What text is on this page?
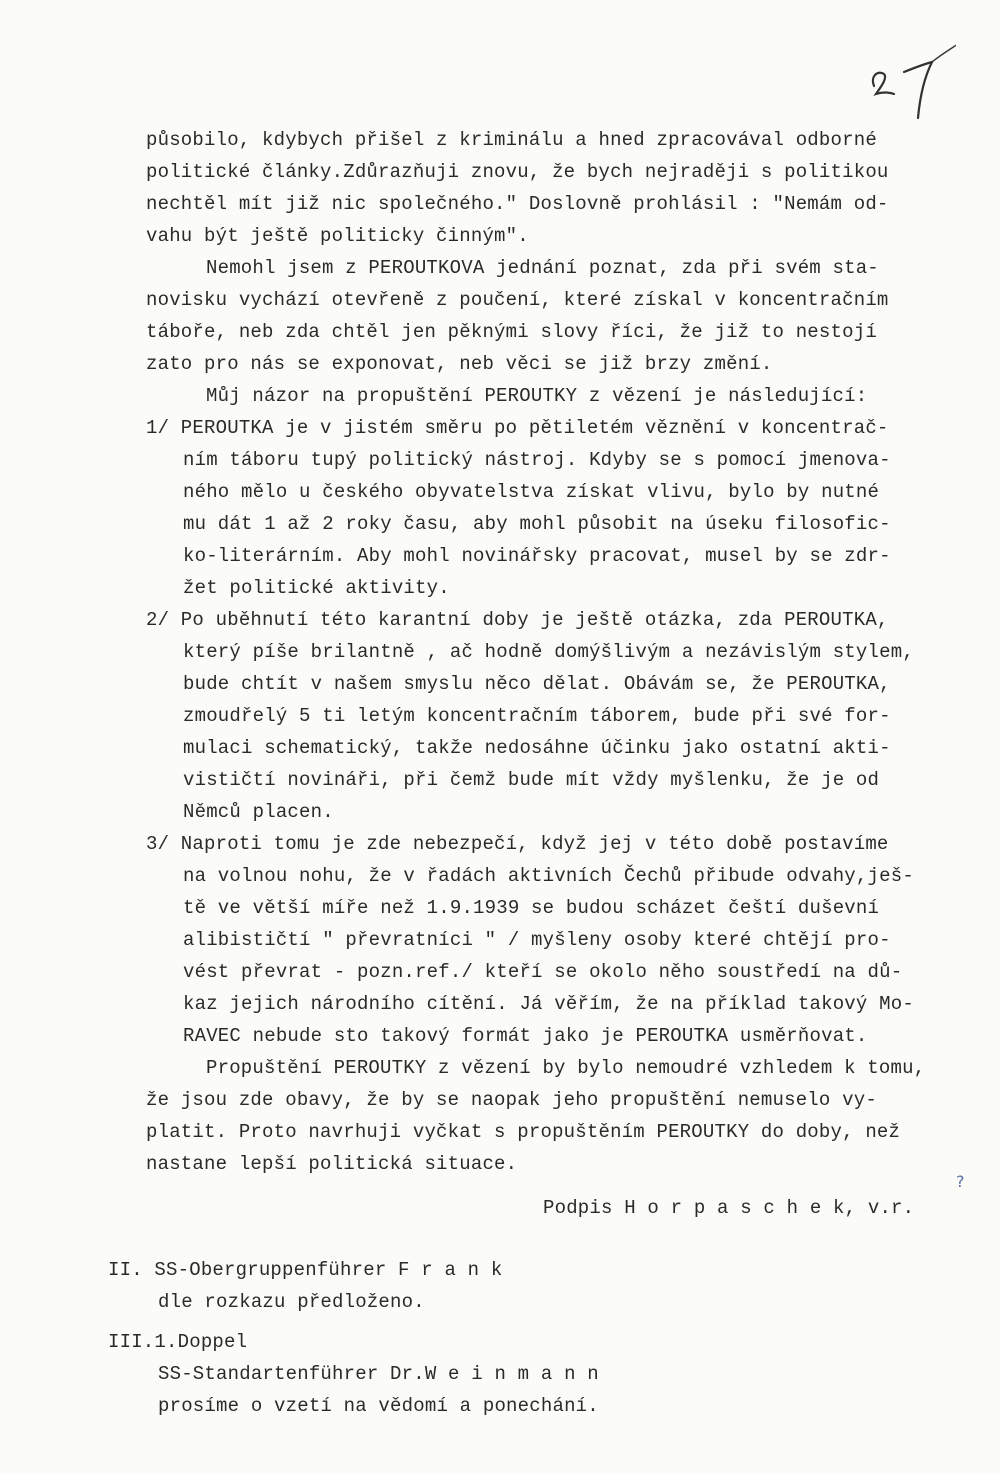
působilo, kdybych přišel z kriminálu a hned zpracovával odborné
politické články.Zdůrazňuji znovu, že bych nejraději s politikou
nechtěl mít již nic společného." Doslovně prohlásil : "Nemám od-
vahu být ještě politicky činným".
Nemohl jsem z PEROUTKOVA jednání poznat, zda při svém sta-
novisku vychází otevřeně z poučení, které získal v koncentračním
táboře, neb zda chtěl jen pěknými slovy říci, že již to nestojí
zato pro nás se exponovat, neb věci se již brzy změní.
Můj názor na propuštění PEROUTKY z vězení je následující:
1/ PEROUTKA je v jistém směru po pětiletém věznění v koncentrač-
ním táboru tupý politický nástroj. Kdyby se s pomocí jmenova-
ného mělo u českého obyvatelstva získat vlivu, bylo by nutné
mu dát 1 až 2 roky času, aby mohl působit na úseku filosofic-
ko-literárním. Aby mohl novinářsky pracovat, musel by se zdr-
žet politické aktivity.
2/ Po uběhnutí této karantní doby je ještě otázka, zda PEROUTKA,
který píše brilantně , ač hodně domýšlivým a nezávislým stylem,
bude chtít v našem smyslu něco dělat. Obávám se, že PEROUTKA,
zmoudřelý 5 ti letým koncentračním táborem, bude při své for-
mulaci schematický, takže nedosáhne účinku jako ostatní akti-
vističtí novináři, při čemž bude mít vždy myšlenku, že je od
Němců placen.
3/ Naproti tomu je zde nebezpečí, když jej v této době postavíme
na volnou nohu, že v řadách aktivních Čechů přibude odvahy,ješ-
tě ve větší míře než 1.9.1939 se budou scházet čeští duševní
alibističtí " převratníci " / myšleny osoby které chtějí pro-
vést převrat - pozn.ref./ kteří se okolo něho soustředí na dů-
kaz jejich národního cítění. Já věřím, že na příklad takový Mo-
RAVEC nebude sto takový formát jako je PEROUTKA usměrňovat.
Propuštění PEROUTKY z vězení by bylo nemoudré vzhledem k tomu,
že jsou zde obavy, že by se naopak jeho propuštění nemuselo vy-
platit. Proto navrhuji vyčkat s propuštěním PEROUTKY do doby, než
nastane lepší politická situace.
Podpis H o r p a s c h e k, v.r.
?
II. SS-Obergruppenführer F r a n k
dle rozkazu předloženo.
III.1.Doppel
SS-Standartenführer Dr.W e i n m a n n
prosíme o vzetí na vědomí a ponechání.
